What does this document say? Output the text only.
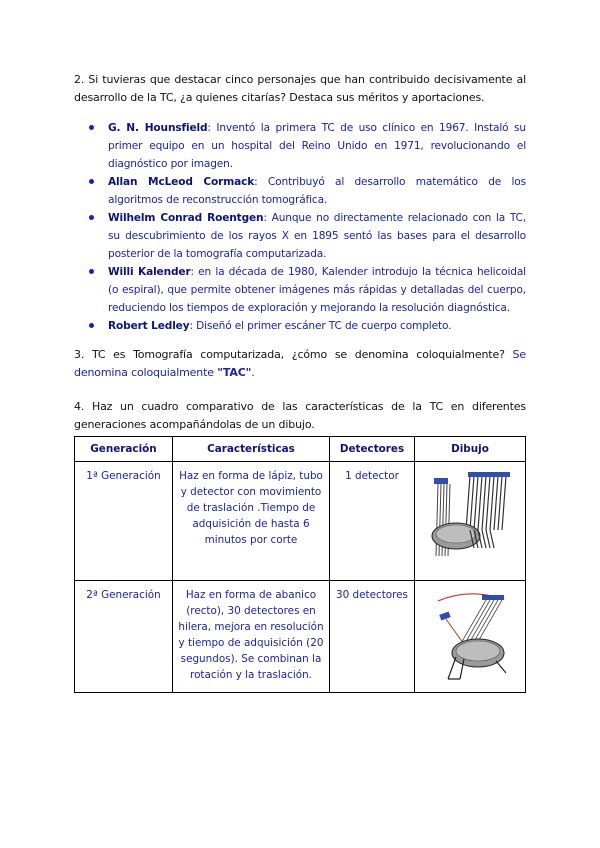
2. Si tuvieras que destacar cinco personajes que han contribuido decisivamente al desarrollo de la TC, ¿a quienes citarías? Destaca sus méritos y aportaciones.

G. N. Hounsfield: Inventó la primera TC de uso clínico en 1967. Instaló su primer equipo en un hospital del Reino Unido en 1971, revolucionando el diagnóstico por imagen.
Allan McLeod Cormack: Contribuyó al desarrollo matemático de los algoritmos de reconstrucción tomográfica.
Wilhelm Conrad Roentgen: Aunque no directamente relacionado con la TC, su descubrimiento de los rayos X en 1895 sentó las bases para el desarrollo posterior de la tomografía computarizada.
Willi Kalender: en la década de 1980, Kalender introdujo la técnica helicoidal (o espiral), que permite obtener imágenes más rápidas y detalladas del cuerpo, reduciendo los tiempos de exploración y mejorando la resolución diagnóstica.
Robert Ledley: Diseñó el primer escáner TC de cuerpo completo.

3. TC es Tomografía computarizada, ¿cómo se denomina coloquialmente? Se denomina coloquialmente "TAC".

4. Haz un cuadro comparativo de las características de la TC en diferentes generaciones acompañándolas de un dibujo.

Generación	Características	Detectores	Dibujo
1ª Generación	Haz en forma de lápiz, tubo y detector con movimiento de traslación .Tiempo de adquisición de hasta 6 minutos por corte	1 detector	

2ª Generación	Haz en forma de abanico (recto), 30 detectores en hilera, mejora en resolución y tiempo de adquisición (20 segundos). Se combinan la rotación y la traslación.	30 detectores	
